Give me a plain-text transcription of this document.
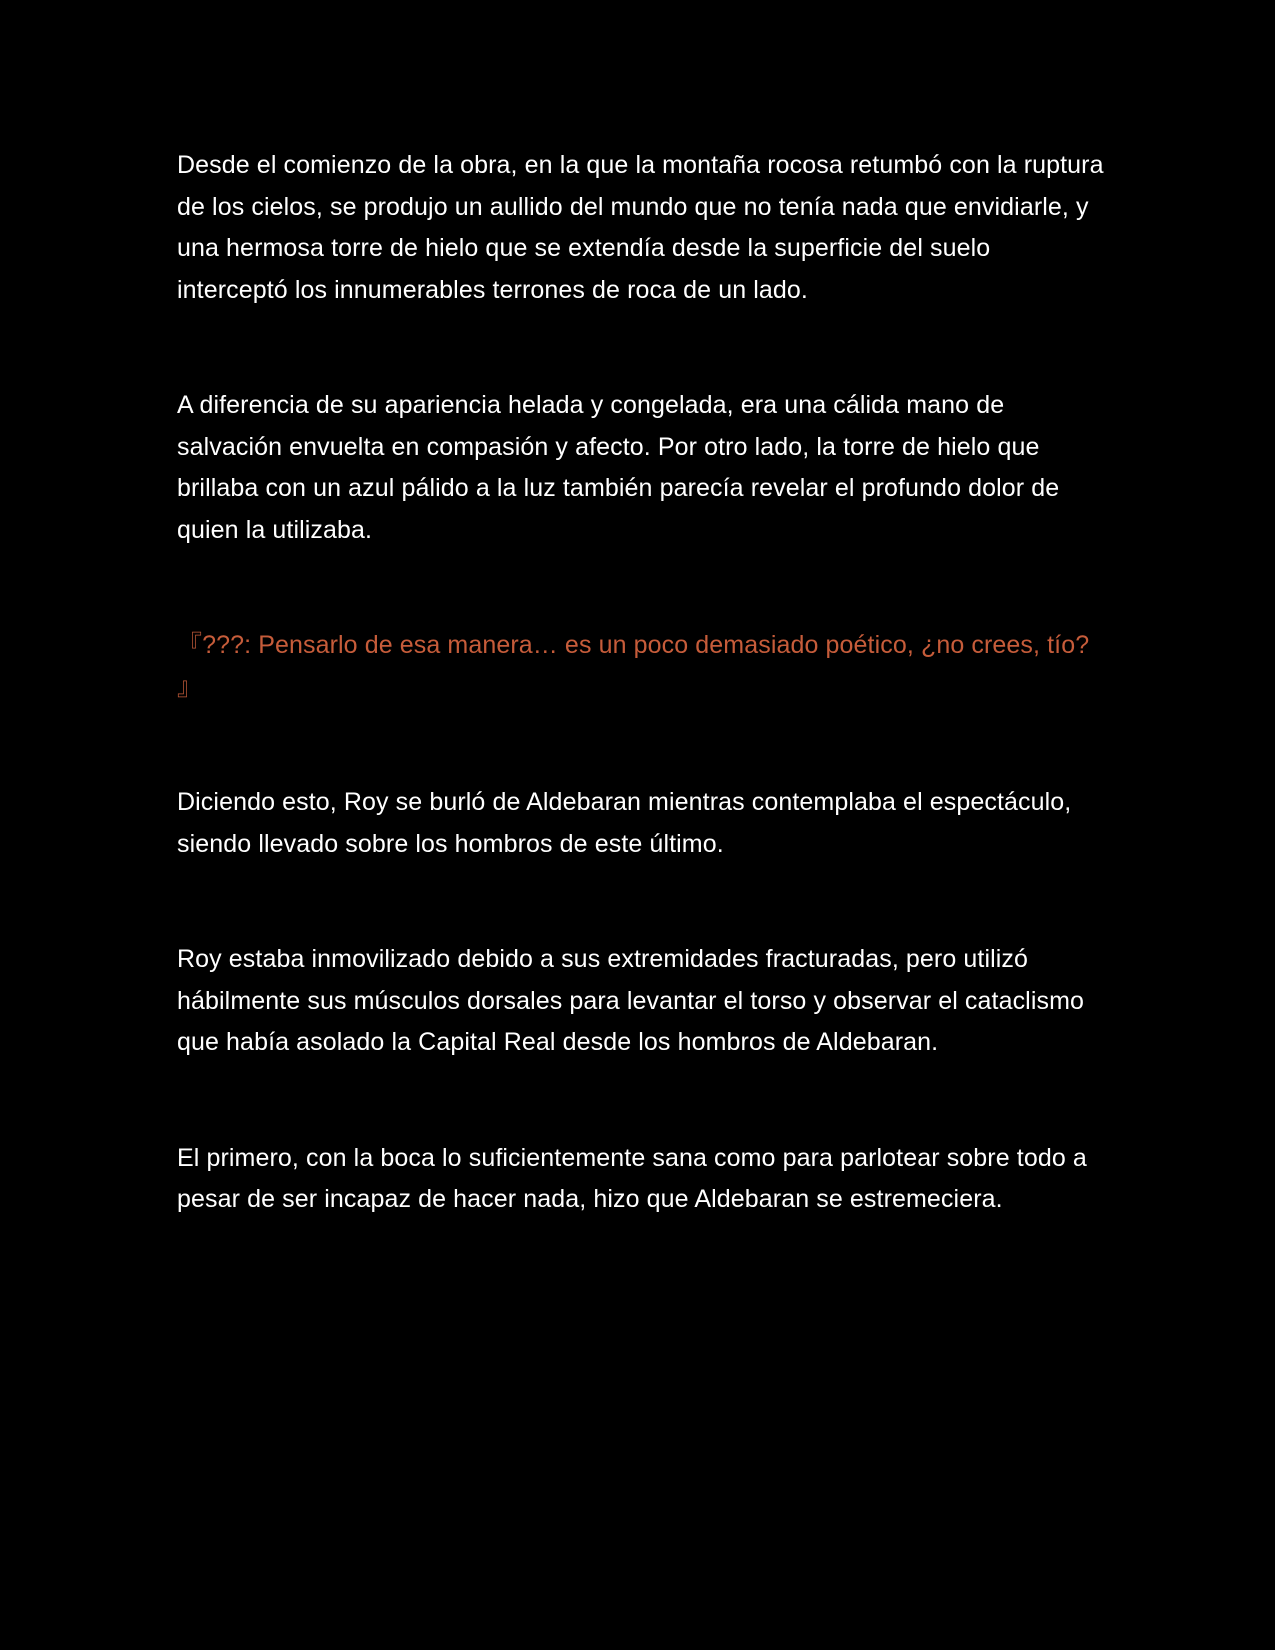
Desde el comienzo de la obra, en la que la montaña rocosa retumbó con la ruptura de los cielos, se produjo un aullido del mundo que no tenía nada que envidiarle, y una hermosa torre de hielo que se extendía desde la superficie del suelo interceptó los innumerables terrones de roca de un lado.

A diferencia de su apariencia helada y congelada, era una cálida mano de salvación envuelta en compasión y afecto. Por otro lado, la torre de hielo que brillaba con un azul pálido a la luz también parecía revelar el profundo dolor de quien la utilizaba.

『???: Pensarlo de esa manera… es un poco demasiado poético, ¿no crees, tío? 』

Diciendo esto, Roy se burló de Aldebaran mientras contemplaba el espectáculo, siendo llevado sobre los hombros de este último.

Roy estaba inmovilizado debido a sus extremidades fracturadas, pero utilizó hábilmente sus músculos dorsales para levantar el torso y observar el cataclismo que había asolado la Capital Real desde los hombros de Aldebaran.

El primero, con la boca lo suficientemente sana como para parlotear sobre todo a pesar de ser incapaz de hacer nada, hizo que Aldebaran se estremeciera.
